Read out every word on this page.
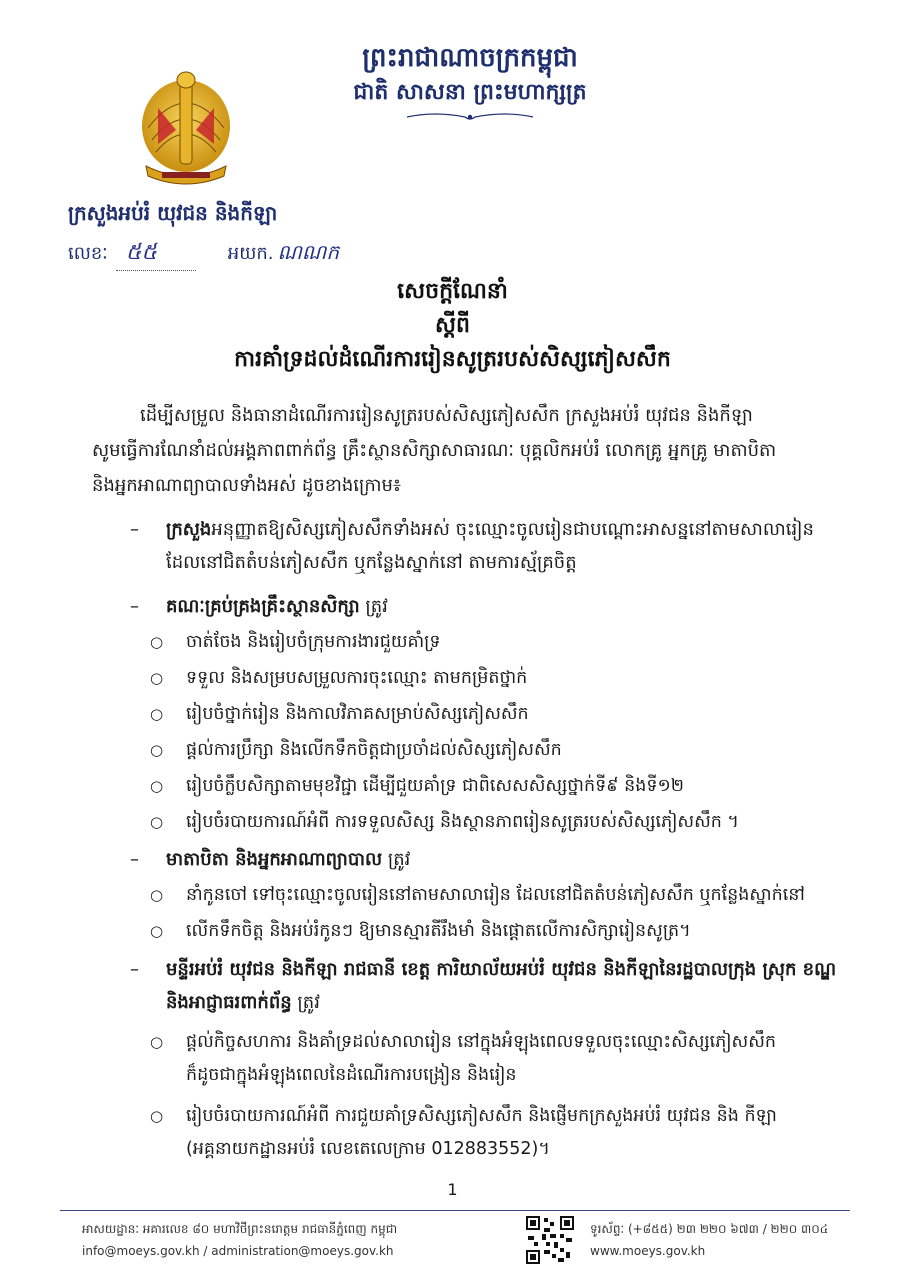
ព្រះរាជាណាចក្រកម្ពុជា
ជាតិ សាសនា ព្រះមហាក្សត្រ
ក្រសួងអប់រំ យុវជន និងកីឡា
លេខៈ ៥៥	អយក. ណណក
សេចក្តីណែនាំ
ស្តីពី
ការគាំទ្រដល់ដំណើរការរៀនសូត្ររបស់សិស្សភៀសសឹក
ដើម្បីសម្រួល និងធានាដំណើរការរៀនសូត្ររបស់សិស្សភៀសសឹក ក្រសួងអប់រំ យុវជន និងកីឡា
សូមធ្វើការណែនាំដល់អង្គភាពពាក់ព័ន្ធ គ្រឹះស្ថានសិក្សាសាធារណៈ បុគ្គលិកអប់រំ លោកគ្រូ អ្នកគ្រូ មាតាបិតា
និងអ្នកអាណាព្យាបាលទាំងអស់ ដូចខាងក្រោម៖
– ក្រសួងអនុញ្ញាតឱ្យសិស្សភៀសសឹកទាំងអស់ ចុះឈ្មោះចូលរៀនជាបណ្តោះអាសន្ននៅតាមសាលារៀន
ដែលនៅជិតតំបន់ភៀសសឹក ឬកន្លែងស្នាក់នៅ តាមការស្ម័គ្រចិត្ត
– គណៈគ្រប់គ្រងគ្រឹះស្ថានសិក្សា ត្រូវ
○ ចាត់ចែង និងរៀបចំក្រុមការងារជួយគាំទ្រ
○ ទទួល និងសម្របសម្រួលការចុះឈ្មោះ តាមកម្រិតថ្នាក់
○ រៀបចំថ្នាក់រៀន និងកាលវិភាគសម្រាប់សិស្សភៀសសឹក
○ ផ្តល់ការប្រឹក្សា និងលើកទឹកចិត្តជាប្រចាំដល់សិស្សភៀសសឹក
○ រៀបចំក្លឹបសិក្សាតាមមុខវិជ្ជា ដើម្បីជួយគាំទ្រ ជាពិសេសសិស្សថ្នាក់ទី៩ និងទី១២
○ រៀបចំរបាយការណ៍អំពី ការទទួលសិស្ស និងស្ថានភាពរៀនសូត្ររបស់សិស្សភៀសសឹក ។
– មាតាបិតា និងអ្នកអាណាព្យាបាល ត្រូវ
○ នាំកូនចៅ ទៅចុះឈ្មោះចូលរៀននៅតាមសាលារៀន ដែលនៅជិតតំបន់ភៀសសឹក ឬកន្លែងស្នាក់នៅ
○ លើកទឹកចិត្ត និងអប់រំកូនៗ ឱ្យមានស្មារតីរឹងមាំ និងផ្តោតលើការសិក្សារៀនសូត្រ។
– មន្ទីរអប់រំ យុវជន និងកីឡា រាជធានី ខេត្ត ការិយាល័យអប់រំ យុវជន និងកីឡានៃរដ្ឋបាលក្រុង ស្រុក ខណ្ឌ
និងអាជ្ញាធរពាក់ព័ន្ធ ត្រូវ
○ ផ្តល់កិច្ចសហការ និងគាំទ្រដល់សាលារៀន នៅក្នុងអំឡុងពេលទទួលចុះឈ្មោះសិស្សភៀសសឹក
ក៏ដូចជាក្នុងអំឡុងពេលនៃដំណើរការបង្រៀន និងរៀន
○ រៀបចំរបាយការណ៍អំពី ការជួយគាំទ្រសិស្សភៀសសឹក និងផ្ញើមកក្រសួងអប់រំ យុវជន និង កីឡា
(អគ្គនាយកដ្ឋានអប់រំ លេខតេលេក្រាម 012883552)។
1
អាសយដ្ឋានៈ អគារលេខ ៨០ មហាវិថីព្រះនរោត្តម រាជធានីភ្នំពេញ កម្ពុជា
info@moeys.gov.kh / administration@moeys.gov.kh
ទូរស័ព្ទៈ (+៨៥៥) ២៣ ២២០ ៦៧៣ / ២២០ ៣០៤
www.moeys.gov.kh
